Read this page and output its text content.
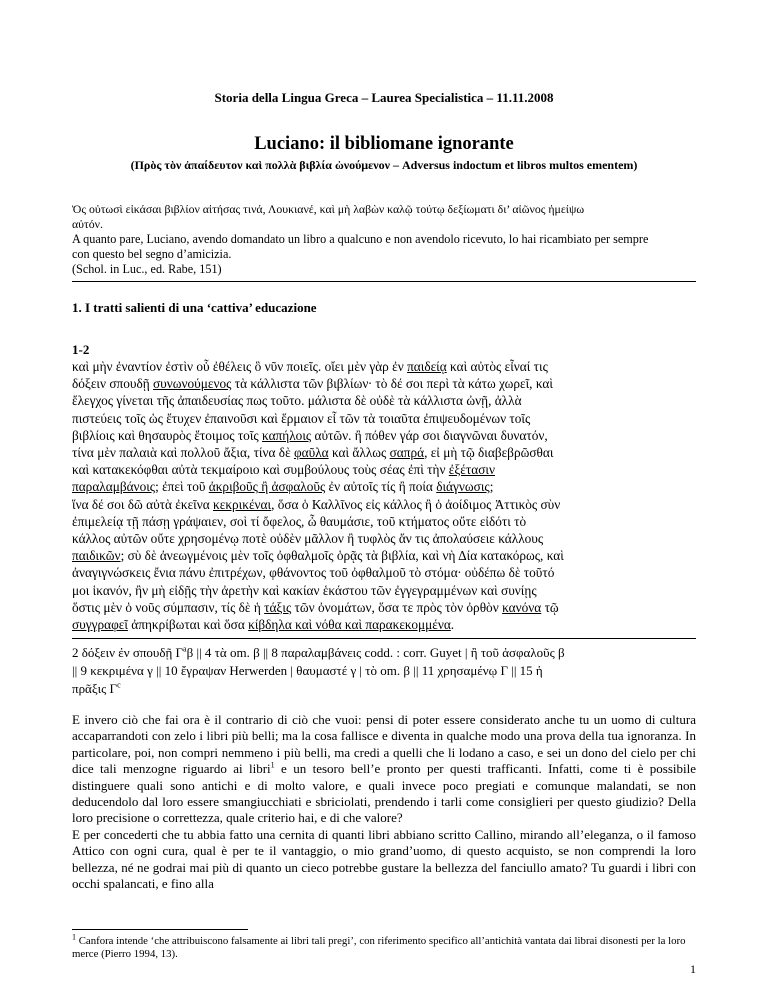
Storia della Lingua Greca – Laurea Specialistica – 11.11.2008
Luciano: il bibliomane ignorante
(Πρὸς τὸν ἀπαίδευτον καὶ πολλὰ βιβλία ὠνούμενον – Adversus indoctum et libros multos ementem)

Ὁς οὐτωσὶ εἰκάσαι βιβλίον αἰτήσας τινά, Λουκιανέ, καὶ μὴ λαβὼν καλῷ τούτῳ δεξίωματι δι’ αἰῶνος ἠμείψω

αὐτόν.

A quanto pare, Luciano, avendo domandato un libro a qualcuno e non avendolo ricevuto, lo hai ricambiato per sempre

con questo bel segno d’amicizia.

(Schol. in Luc., ed. Rabe, 151)

1. I tratti salienti di una ‘cattiva’ educazione
1-2

καὶ μὴν ἐναντίον ἐστὶν οὗ ἐθέλεις ὃ νῦν ποιεῖς. οἴει μὲν γὰρ ἐν παιδείᾳ καὶ αὐτὸς εἶναί τις

δόξειν σπουδῇ συνωνούμενος τὰ κάλλιστα τῶν βιβλίων· τὸ δέ σοι περὶ τὰ κάτω χωρεῖ, καὶ

ἔλεγχος γίνεται τῆς ἀπαιδευσίας πως τοῦτο. μάλιστα δὲ οὐδὲ τὰ κάλλιστα ὠνῇ, ἀλλὰ

πιστεύεις τοῖς ὡς ἔτυχεν ἐπαινοῦσι καὶ ἕρμαιον εἶ τῶν τὰ τοιαῦτα ἐπιψευδομένων τοῖς

βιβλίοις καὶ θησαυρὸς ἕτοιμος τοῖς καπήλοις αὐτῶν. ἢ πόθεν γάρ σοι διαγνῶναι δυνατόν,

τίνα μὲν παλαιὰ καὶ πολλοῦ ἄξια, τίνα δὲ φαῦλα καὶ ἄλλως σαπρά, εἰ μὴ τῷ διαβεβρῶσθαι

καὶ κατακεκόφθαι αὐτὰ τεκμαίροιο καὶ συμβούλους τοὺς σέας ἐπὶ τὴν ἐξέτασιν

παραλαμβάνοις; ἐπεὶ τοῦ ἀκριβοῦς ἢ ἀσφαλοῦς ἐν αὐτοῖς τίς ἢ ποία διάγνωσις;

ἵνα δέ σοι δῶ αὐτὰ ἐκεῖνα κεκρικέναι, ὅσα ὁ Καλλῖνος εἰς κάλλος ἢ ὁ ἀοίδιμος Ἀττικὸς σὺν

ἐπιμελείᾳ τῇ πάσῃ γράψαιεν, σοὶ τί ὄφελος, ὦ θαυμάσιε, τοῦ κτήματος οὔτε εἰδότι τὸ

κάλλος αὐτῶν οὔτε χρησομένῳ ποτὲ οὐδὲν μᾶλλον ἢ τυφλὸς ἄν τις ἀπολαύσειε κάλλους

παιδικῶν; σὺ δὲ ἀνεωγμένοις μὲν τοῖς ὀφθαλμοῖς ὁρᾷς τὰ βιβλία, καὶ νὴ Δία κατακόρως, καὶ

ἀναγιγνώσκεις ἔνια πάνυ ἐπιτρέχων, φθάνοντος τοῦ ὀφθαλμοῦ τὸ στόμα· οὐδέπω δὲ τοῦτό

μοι ἱκανόν, ἢν μὴ εἰδῇς τὴν ἀρετὴν καὶ κακίαν ἑκάστου τῶν ἐγγεγραμμένων καὶ συνίῃς

ὅστις μὲν ὁ νοῦς σύμπασιν, τίς δὲ ἡ τάξις τῶν ὀνομάτων, ὅσα τε πρὸς τὸν ὀρθὸν κανόνα τῷ

συγγραφεῖ ἀπηκρίβωται καὶ ὅσα κίβδηλα καὶ νόθα καὶ παρακεκομμένα.

2 δόξειν ἐν σπουδῇ $\Gamma^a\beta$ || 4 τὰ om. β || 8 παραλαμβάνεις codd. : corr. Guyet | ἢ τοῦ ἀσφαλοῦς β

|| 9 κεκριμένα γ || 10 ἔγραψαν Herwerden | θαυμαστέ γ | τὸ om. β || 11 χρησαμένῳ Γ || 15 ἡ

πρᾶξις $\Gamma^c$

E invero ciò che fai ora è il contrario di ciò che vuoi: pensi di poter essere considerato anche tu un uomo di cultura accaparrandoti con zelo i libri più belli; ma la cosa fallisce e diventa in qualche modo una prova della tua ignoranza. In particolare, poi, non compri nemmeno i più belli, ma credi a quelli che li lodano a caso, e sei un dono del cielo per chi dice tali menzogne riguardo ai libri$^1$ e un tesoro bell’e pronto per questi trafficanti. Infatti, come ti è possibile distinguere quali sono antichi e di molto valore, e quali invece poco pregiati e comunque malandati, se non deducendolo dal loro essere smangiucchiati e sbriciolati, prendendo i tarli come consiglieri per questo giudizio? Della loro precisione o correttezza, quale criterio hai, e di che valore?

E per concederti che tu abbia fatto una cernita di quanti libri abbiano scritto Callino, mirando all’eleganza, o il famoso Attico con ogni cura, qual è per te il vantaggio, o mio grand’uomo, di questo acquisto, se non comprendi la loro bellezza, né ne godrai mai più di quanto un cieco potrebbe gustare la bellezza del fanciullo amato? Tu guardi i libri con occhi spalancati, e fino alla

$^1$ Canfora intende ‘che attribuiscono falsamente ai libri tali pregi’, con riferimento specifico all’antichità vantata dai librai disonesti per la loro merce (Pierro 1994, 13).

1
